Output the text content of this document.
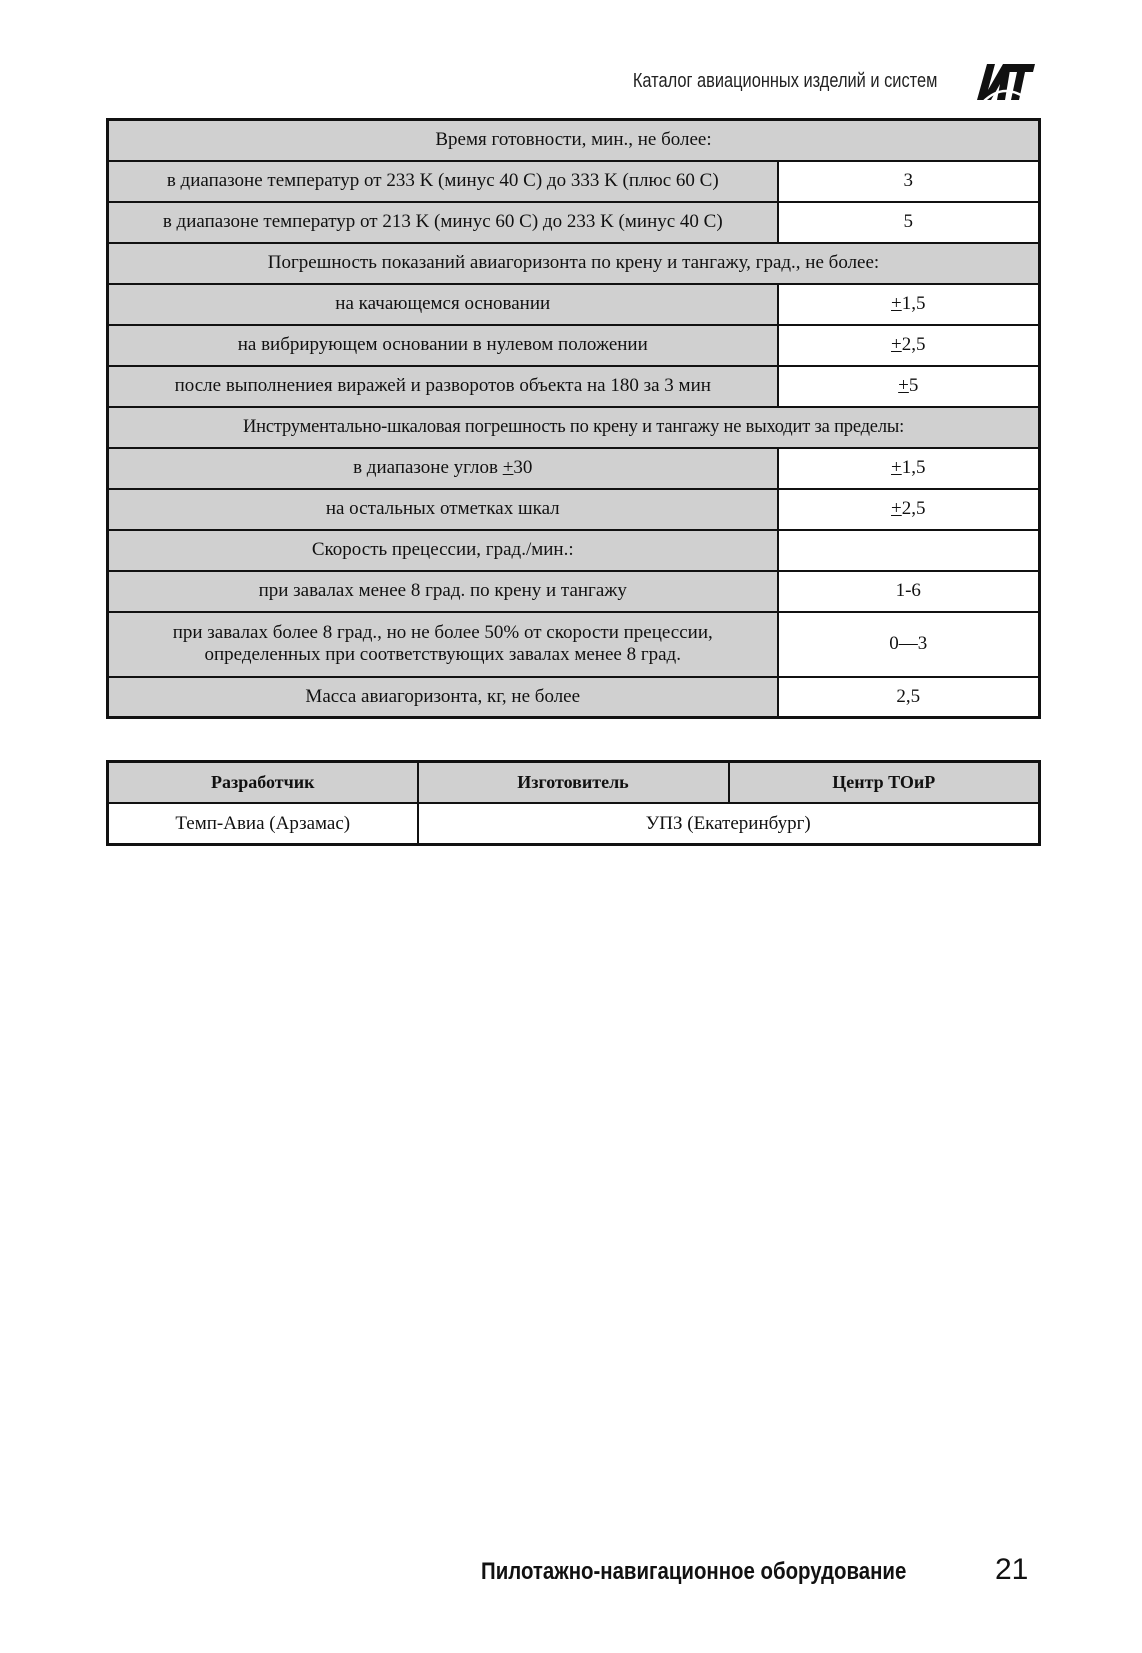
Каталог авиационных изделий и систем
Время готовности, мин., не более:	
в диапазоне температур от 233 K (минус 40 С) до 333 K (плюс 60 С)	3
в диапазоне температур от 213 K (минус 60 С) до 233 K (минус 40 С)	5
Погрешность показаний авиагоризонта по крену и тангажу, град., не более:	
на качающемся основании	+1,5
на вибрирующем основании в нулевом положении	+2,5
после выполнениея виражей и разворотов объекта на 180 за 3 мин	+5
Инструментально-шкаловая погрешность по крену и тангажу не выходит за пределы:	
в диапазоне углов +30	+1,5
на остальных отметках шкал	+2,5
Скорость прецессии, град./мин.:	
при завалах менее 8 град. по крену и тангажу	1-6

при завалах более 8 град., но не более 50% от скорости прецессии,
определенных при соответствующих завалах менее 8 град.	0—3
Масса авиагоризонта, кг, не более	2,5
Разработчик	Изготовитель	Центр ТОиР
Темп-Авиа (Арзамас)	УПЗ (Екатеринбург)	
Пилотажно-навигационное оборудование	21
